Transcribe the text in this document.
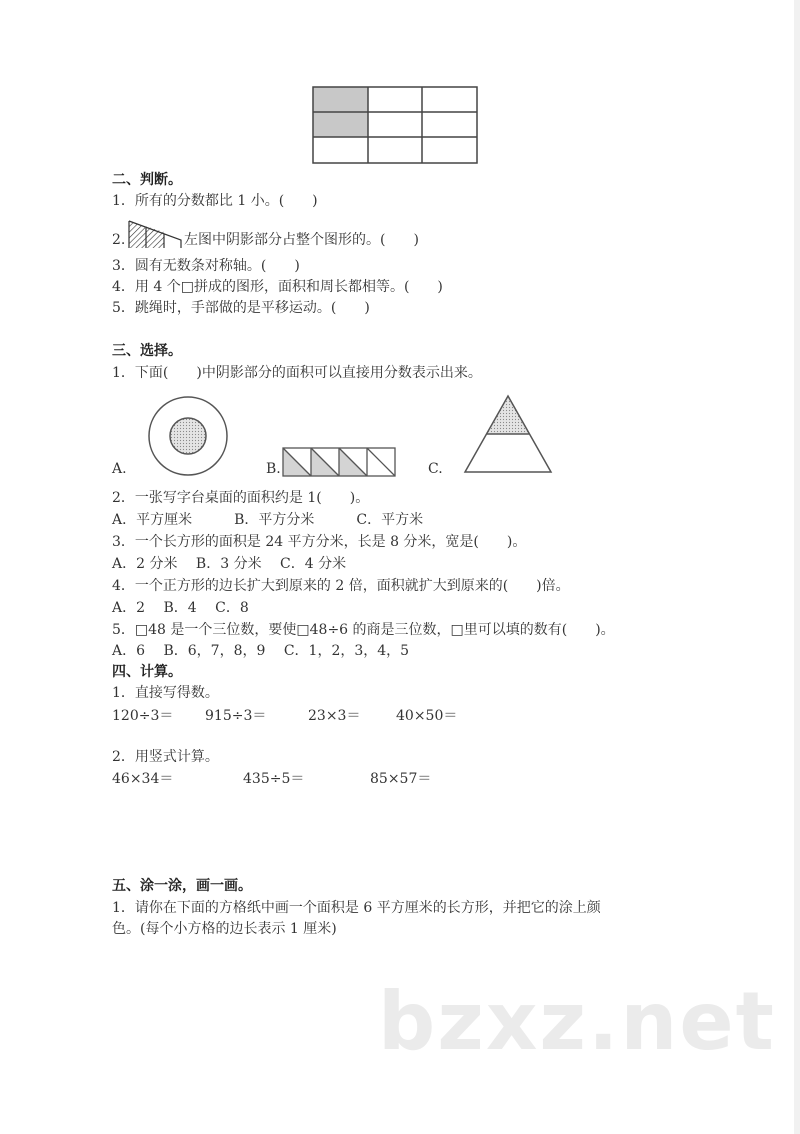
二、判断。
1．所有的分数都比 1 小。(　　)
2.	左图中阴影部分占整个图形的。(　　)
3．圆有无数条对称轴。(　　)
4．用 4 个□拼成的图形，面积和周长都相等。(　　)
5．跳绳时，手部做的是平移运动。(　　)
三、选择。
1．下面(　　)中阴影部分的面积可以直接用分数表示出来。
A.	B.	C.
2．一张写字台桌面的面积约是 1(　　)。
A．平方厘米　　　B．平方分米　　　C．平方米
3．一个长方形的面积是 24 平方分米，长是 8 分米，宽是(　　)。
A．2 分米　 B．3 分米　 C．4 分米
4．一个正方形的边长扩大到原来的 2 倍，面积就扩大到原来的(　　)倍。
A．2　 B．4　 C．8
5．□48 是一个三位数，要使□48÷6 的商是三位数，□里可以填的数有(　　)。
A．6　 B．6，7，8，9　 C．1，2，3，4，5
四、计算。
1．直接写得数。
120÷3＝ 915÷3＝	23×3＝	40×50＝
2．用竖式计算。
46×34＝	435÷5＝	85×57＝
五、涂一涂，画一画。
1．请你在下面的方格纸中画一个面积是 6 平方厘米的长方形，并把它的涂上颜
色。(每个小方格的边长表示 1 厘米)
bzxz.net
